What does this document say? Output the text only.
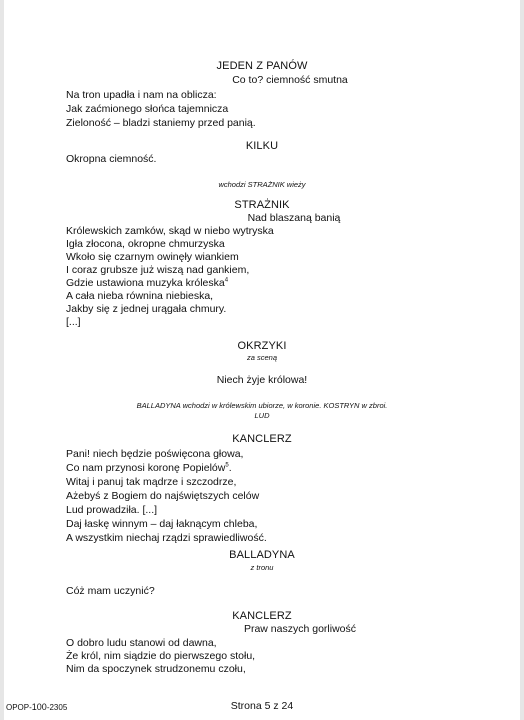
JEDEN Z PANÓW
Co to? ciemność smutna
Na tron upadła i nam na oblicza:
Jak zaćmionego słońca tajemnicza
Zieloność – bladzi staniemy przed panią.
KILKU
Okropna ciemność.
wchodzi STRAŻNIK wieży
STRAŻNIK
Nad blaszaną banią
Królewskich zamków, skąd w niebo wytryska
Igła złocona, okropne chmurzyska
Wkoło się czarnym owinęły wiankiem
I coraz grubsze już wiszą nad gankiem,
Gdzie ustawiona muzyka króleska$^4$
A cała nieba równina niebieska,
Jakby się z jednej urągała chmury.
[...]
OKRZYKI
za sceną
Niech żyje królowa!
BALLADYNA wchodzi w królewskim ubiorze, w koronie. KOSTRYN w zbroi.
LUD
KANCLERZ
Pani! niech będzie poświęcona głowa,
Co nam przynosi koronę Popielów$^5$.
Witaj i panuj tak mądrze i szczodrze,
Ażebyś z Bogiem do najświętszych celów
Lud prowadziła. [...]
Daj łaskę winnym – daj łaknącym chleba,
A wszystkim niechaj rządzi sprawiedliwość.
BALLADYNA
z tronu
Cóż mam uczynić?
KANCLERZ
Praw naszych gorliwość
O dobro ludu stanowi od dawna,
Że król, nim siądzie do pierwszego stołu,
Nim da spoczynek strudzonemu czołu,
OPOP-100-2305	Strona 5 z 24
